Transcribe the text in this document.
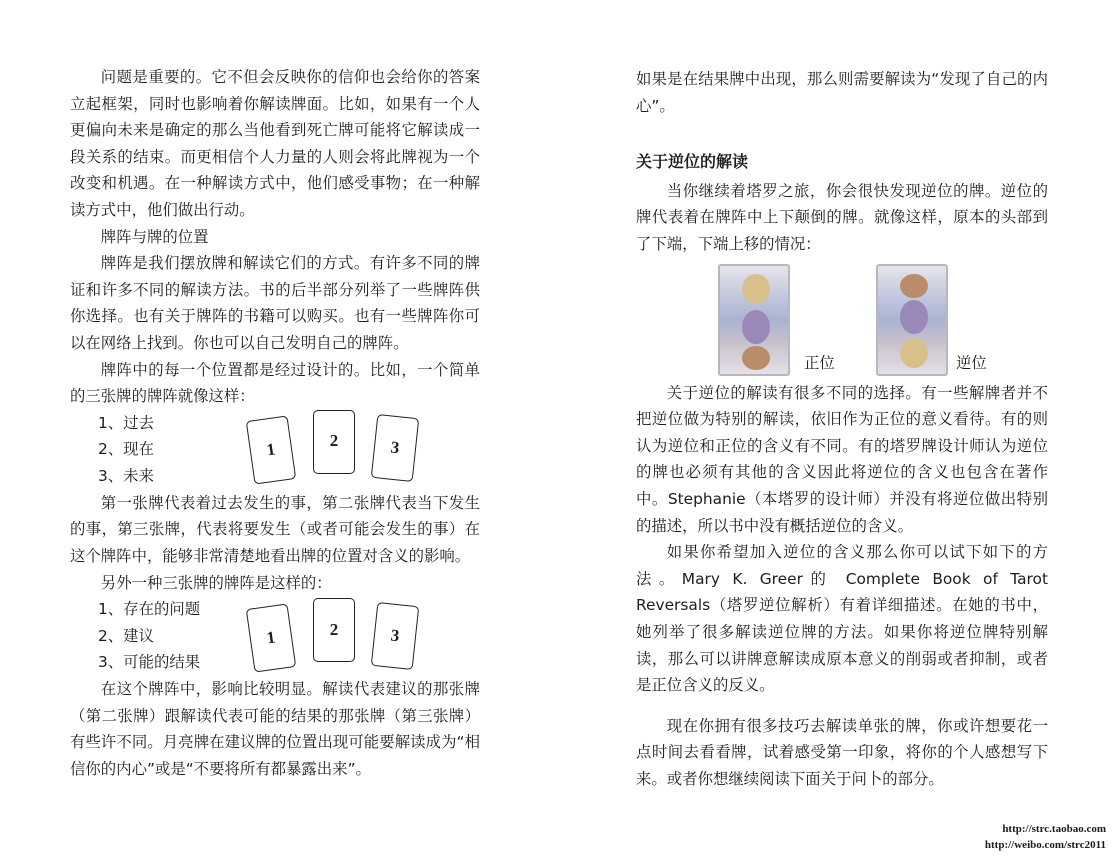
问题是重要的。它不但会反映你的信仰也会给你的答案立起框架，同时也影响着你解读牌面。比如，如果有一个人更偏向未来是确定的那么当他看到死亡牌可能将它解读成一段关系的结束。而更相信个人力量的人则会将此牌视为一个改变和机遇。在一种解读方式中，他们感受事物；在一种解读方式中，他们做出行动。

牌阵与牌的位置

牌阵是我们摆放牌和解读它们的方式。有许多不同的牌证和许多不同的解读方法。书的后半部分列举了一些牌阵供你选择。也有关于牌阵的书籍可以购买。也有一些牌阵你可以在网络上找到。你也可以自己发明自己的牌阵。

牌阵中的每一个位置都是经过设计的。比如，一个简单的三张牌的牌阵就像这样：

1、过去
2、现在
3、未来
1	2	3

第一张牌代表着过去发生的事，第二张牌代表当下发生的事，第三张牌，代表将要发生（或者可能会发生的事）在这个牌阵中，能够非常清楚地看出牌的位置对含义的影响。

另外一种三张牌的牌阵是这样的：

1、存在的问题
2、建议
3、可能的结果
1	2	3

在这个牌阵中，影响比较明显。解读代表建议的那张牌（第二张牌）跟解读代表可能的结果的那张牌（第三张牌）有些许不同。月亮牌在建议牌的位置出现可能要解读成为“相信你的内心”或是“不要将所有都暴露出来”。

如果是在结果牌中出现，那么则需要解读为“发现了自己的内心”。

关于逆位的解读

当你继续着塔罗之旅，你会很快发现逆位的牌。逆位的牌代表着在牌阵中上下颠倒的牌。就像这样，原本的头部到了下端，下端上移的情况：

正位	逆位

关于逆位的解读有很多不同的选择。有一些解牌者并不把逆位做为特别的解读，依旧作为正位的意义看待。有的则认为逆位和正位的含义有不同。有的塔罗牌设计师认为逆位的牌也必须有其他的含义因此将逆位的含义也包含在著作中。Stephanie（本塔罗的设计师）并没有将逆位做出特别的描述，所以书中没有概括逆位的含义。

如果你希望加入逆位的含义那么你可以试下如下的方法。Mary K. Greer的 Complete Book of Tarot Reversals（塔罗逆位解析）有着详细描述。在她的书中，她列举了很多解读逆位牌的方法。如果你将逆位牌特别解读，那么可以讲牌意解读成原本意义的削弱或者抑制，或者是正位含义的反义。

现在你拥有很多技巧去解读单张的牌，你或许想要花一点时间去看看牌，试着感受第一印象，将你的个人感想写下来。或者你想继续阅读下面关于问卜的部分。

http://strc.taobao.com
http://weibo.com/strc2011
